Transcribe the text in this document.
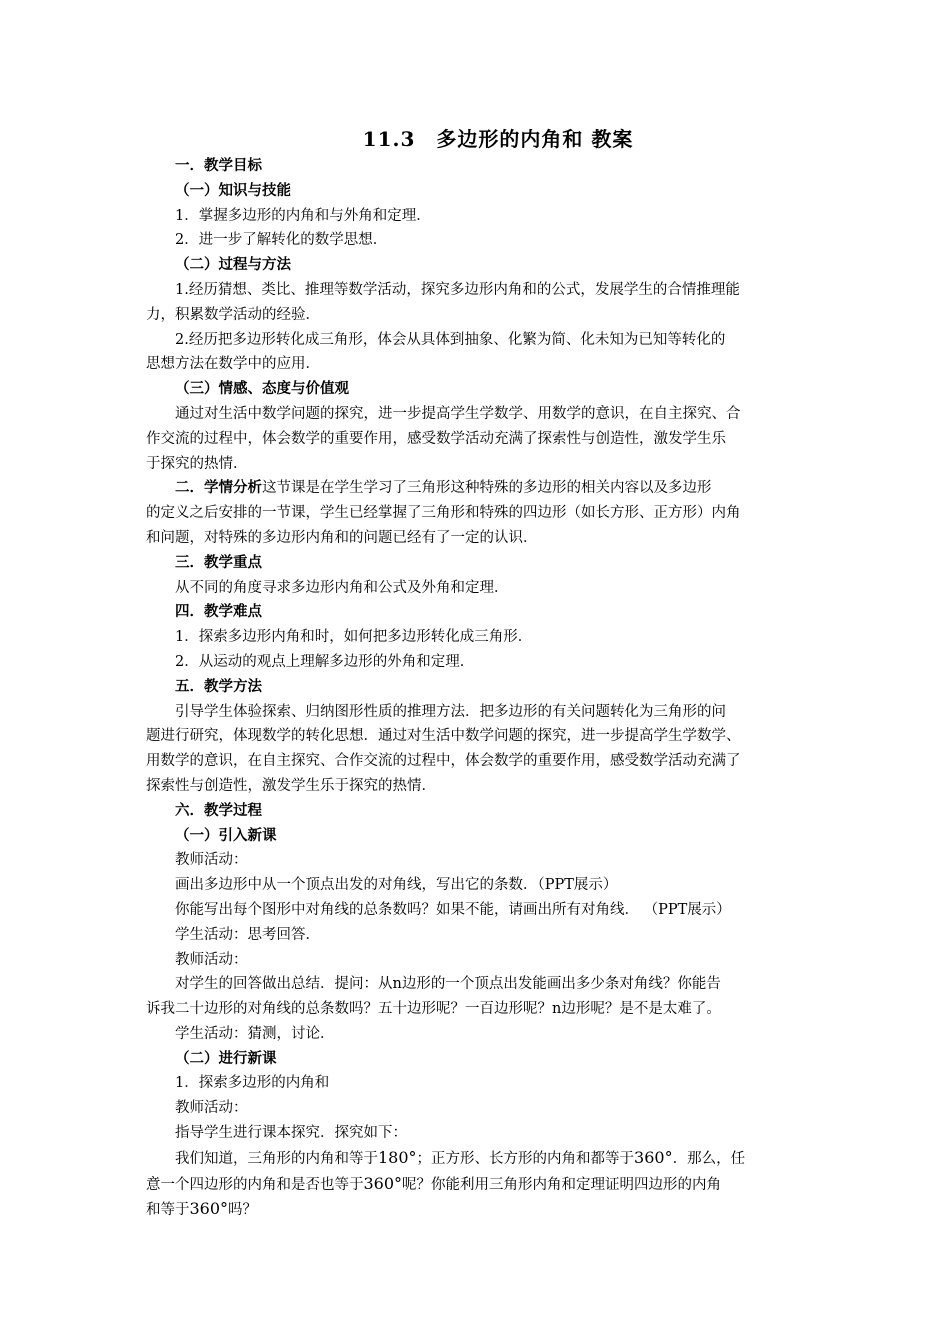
11.3　多边形的内角和 教案
一．教学目标
（一）知识与技能
1．掌握多边形的内角和与外角和定理．
2．进一步了解转化的数学思想．
（二）过程与方法
1.经历猜想、类比、推理等数学活动，探究多边形内角和的公式，发展学生的合情推理能
力，积累数学活动的经验．
2.经历把多边形转化成三角形，体会从具体到抽象、化繁为简、化未知为已知等转化的
思想方法在数学中的应用．
（三）情感、态度与价值观
通过对生活中数学问题的探究，进一步提高学生学数学、用数学的意识，在自主探究、合
作交流的过程中，体会数学的重要作用，感受数学活动充满了探索性与创造性，激发学生乐
于探究的热情．
二．学情分析这节课是在学生学习了三角形这种特殊的多边形的相关内容以及多边形
的定义之后安排的一节课，学生已经掌握了三角形和特殊的四边形（如长方形、正方形）内角
和问题，对特殊的多边形内角和的问题已经有了一定的认识．
三．教学重点
从不同的角度寻求多边形内角和公式及外角和定理．
四．教学难点
1．探索多边形内角和时，如何把多边形转化成三角形．
2．从运动的观点上理解多边形的外角和定理．
五．教学方法
引导学生体验探索、归纳图形性质的推理方法．把多边形的有关问题转化为三角形的问
题进行研究，体现数学的转化思想．通过对生活中数学问题的探究，进一步提高学生学数学、
用数学的意识，在自主探究、合作交流的过程中，体会数学的重要作用，感受数学活动充满了
探索性与创造性，激发学生乐于探究的热情．
六．教学过程
（一）引入新课
教师活动：
画出多边形中从一个顶点出发的对角线，写出它的条数．（PPT展示）
你能写出每个图形中对角线的总条数吗？如果不能，请画出所有对角线． （PPT展示）
学生活动：思考回答．
教师活动：
对学生的回答做出总结．提问：从n边形的一个顶点出发能画出多少条对角线？你能告
诉我二十边形的对角线的总条数吗？五十边形呢？一百边形呢？n边形呢？是不是太难了。
学生活动：猜测，讨论．
（二）进行新课
1．探索多边形的内角和
教师活动：
指导学生进行课本探究．探究如下：
我们知道，三角形的内角和等于180°；正方形、长方形的内角和都等于360°．那么，任
意一个四边形的内角和是否也等于360°呢？你能利用三角形内角和定理证明四边形的内角
和等于360°吗？
